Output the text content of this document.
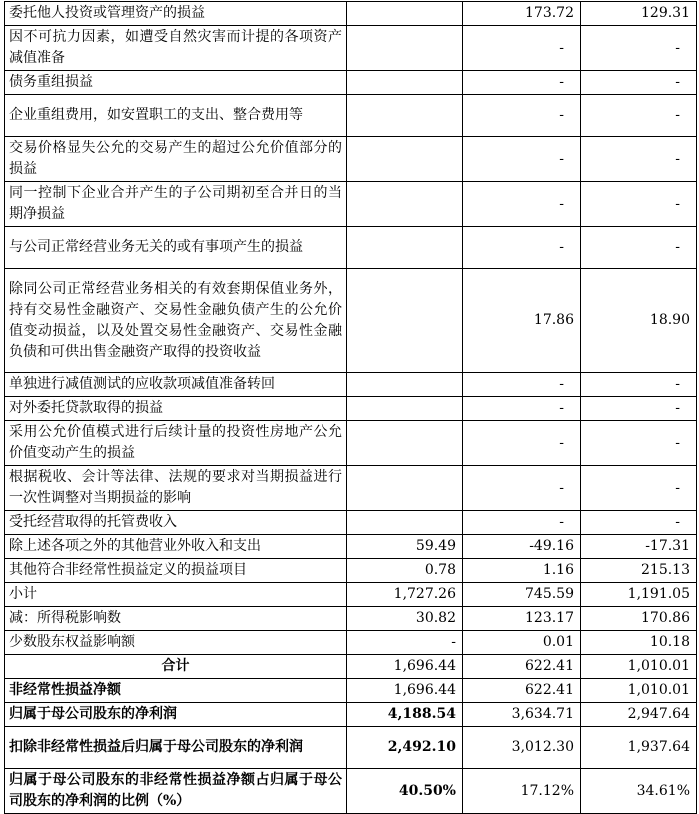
委托他人投资或管理资产的损益		173.72	129.31
因不可抗力因素，如遭受自然灾害而计提的各项资产减值准备		-	-
债务重组损益		-	-
企业重组费用，如安置职工的支出、整合费用等		-	-
交易价格显失公允的交易产生的超过公允价值部分的损益		-	-
同一控制下企业合并产生的子公司期初至合并日的当期净损益		-	-
与公司正常经营业务无关的或有事项产生的损益		-	-
除同公司正常经营业务相关的有效套期保值业务外，持有交易性金融资产、交易性金融负债产生的公允价值变动损益，以及处置交易性金融资产、交易性金融负债和可供出售金融资产取得的投资收益		17.86	18.90
单独进行减值测试的应收款项减值准备转回		-	-
对外委托贷款取得的损益		-	-
采用公允价值模式进行后续计量的投资性房地产公允价值变动产生的损益		-	-
根据税收、会计等法律、法规的要求对当期损益进行一次性调整对当期损益的影响		-	-
受托经营取得的托管费收入		-	-
除上述各项之外的其他营业外收入和支出	59.49	-49.16	-17.31
其他符合非经常性损益定义的损益项目	0.78	1.16	215.13
小计	1,727.26	745.59	1,191.05
减：所得税影响数	30.82	123.17	170.86
少数股东权益影响额	-	0.01	10.18
合计	1,696.44	622.41	1,010.01
非经常性损益净额	1,696.44	622.41	1,010.01
归属于母公司股东的净利润	4,188.54	3,634.71	2,947.64
扣除非经常性损益后归属于母公司股东的净利润	2,492.10	3,012.30	1,937.64
归属于母公司股东的非经常性损益净额占归属于母公司股东的净利润的比例（%）	40.50%	17.12%	34.61%
